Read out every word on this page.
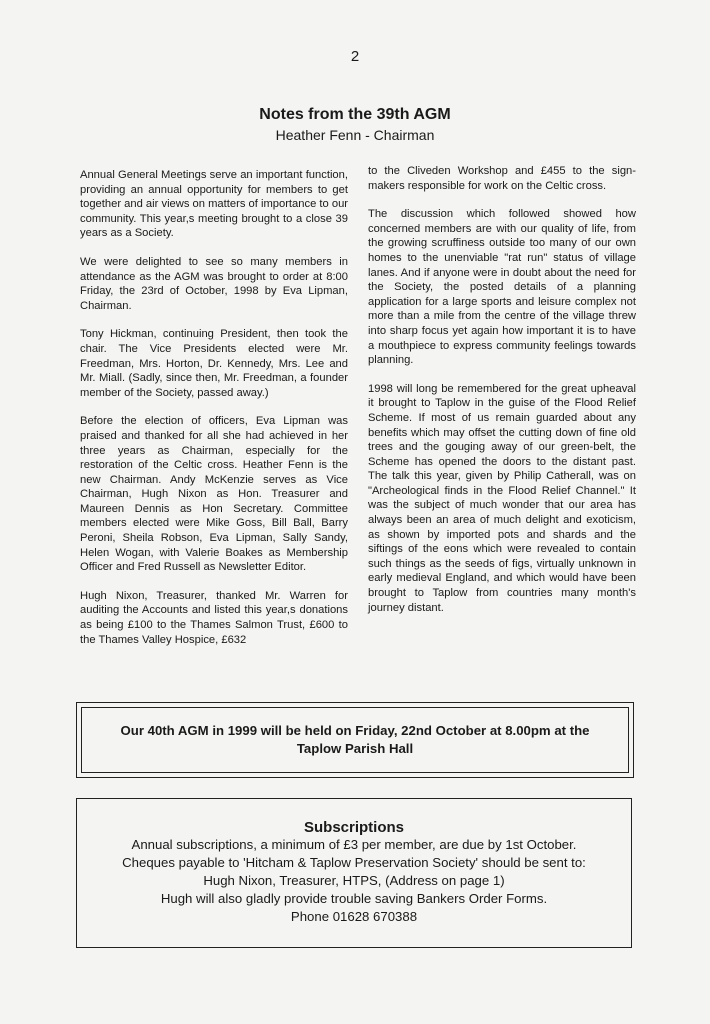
2
Notes from the 39th AGM
Heather Fenn - Chairman

Annual General Meetings serve an important function, providing an annual opportunity for members to get together and air views on matters of importance to our community. This year,s meeting brought to a close 39 years as a Society.

We were delighted to see so many members in attendance as the AGM was brought to order at 8:00 Friday, the 23rd of October, 1998 by Eva Lipman, Chairman.

Tony Hickman, continuing President, then took the chair. The Vice Presidents elected were Mr. Freedman, Mrs. Horton, Dr. Kennedy, Mrs. Lee and Mr. Miall. (Sadly, since then, Mr. Freedman, a founder member of the Society, passed away.)

Before the election of officers, Eva Lipman was praised and thanked for all she had achieved in her three years as Chairman, especially for the restoration of the Celtic cross. Heather Fenn is the new Chairman. Andy McKenzie serves as Vice Chairman, Hugh Nixon as Hon. Treasurer and Maureen Dennis as Hon Secretary. Committee members elected were Mike Goss, Bill Ball, Barry Peroni, Sheila Robson, Eva Lipman, Sally Sandy, Helen Wogan, with Valerie Boakes as Membership Officer and Fred Russell as Newsletter Editor.

Hugh Nixon, Treasurer, thanked Mr. Warren for auditing the Accounts and listed this year,s donations as being £100 to the Thames Salmon Trust, £600 to the Thames Valley Hospice, £632

to the Cliveden Workshop and £455 to the sign-makers responsible for work on the Celtic cross.

The discussion which followed showed how concerned members are with our quality of life, from the growing scruffiness outside too many of our own homes to the unenviable "rat run" status of village lanes. And if anyone were in doubt about the need for the Society, the posted details of a planning application for a large sports and leisure complex not more than a mile from the centre of the village threw into sharp focus yet again how important it is to have a mouthpiece to express community feelings towards planning.

1998 will long be remembered for the great upheaval it brought to Taplow in the guise of the Flood Relief Scheme. If most of us remain guarded about any benefits which may offset the cutting down of fine old trees and the gouging away of our green-belt, the Scheme has opened the doors to the distant past. The talk this year, given by Philip Catherall, was on "Archeological finds in the Flood Relief Channel." It was the subject of much wonder that our area has always been an area of much delight and exoticism, as shown by imported pots and shards and the siftings of the eons which were revealed to contain such things as the seeds of figs, virtually unknown in early medieval England, and which would have been brought to Taplow from countries many month's journey distant.

Our 40th AGM in 1999 will be held on Friday, 22nd October at 8.00pm at the Taplow Parish Hall
Subscriptions
Annual subscriptions, a minimum of £3 per member, are due by 1st October.
Cheques payable to 'Hitcham & Taplow Preservation Society' should be sent to:
Hugh Nixon, Treasurer, HTPS, (Address on page 1)
Hugh will also gladly provide trouble saving Bankers Order Forms.
Phone 01628 670388
